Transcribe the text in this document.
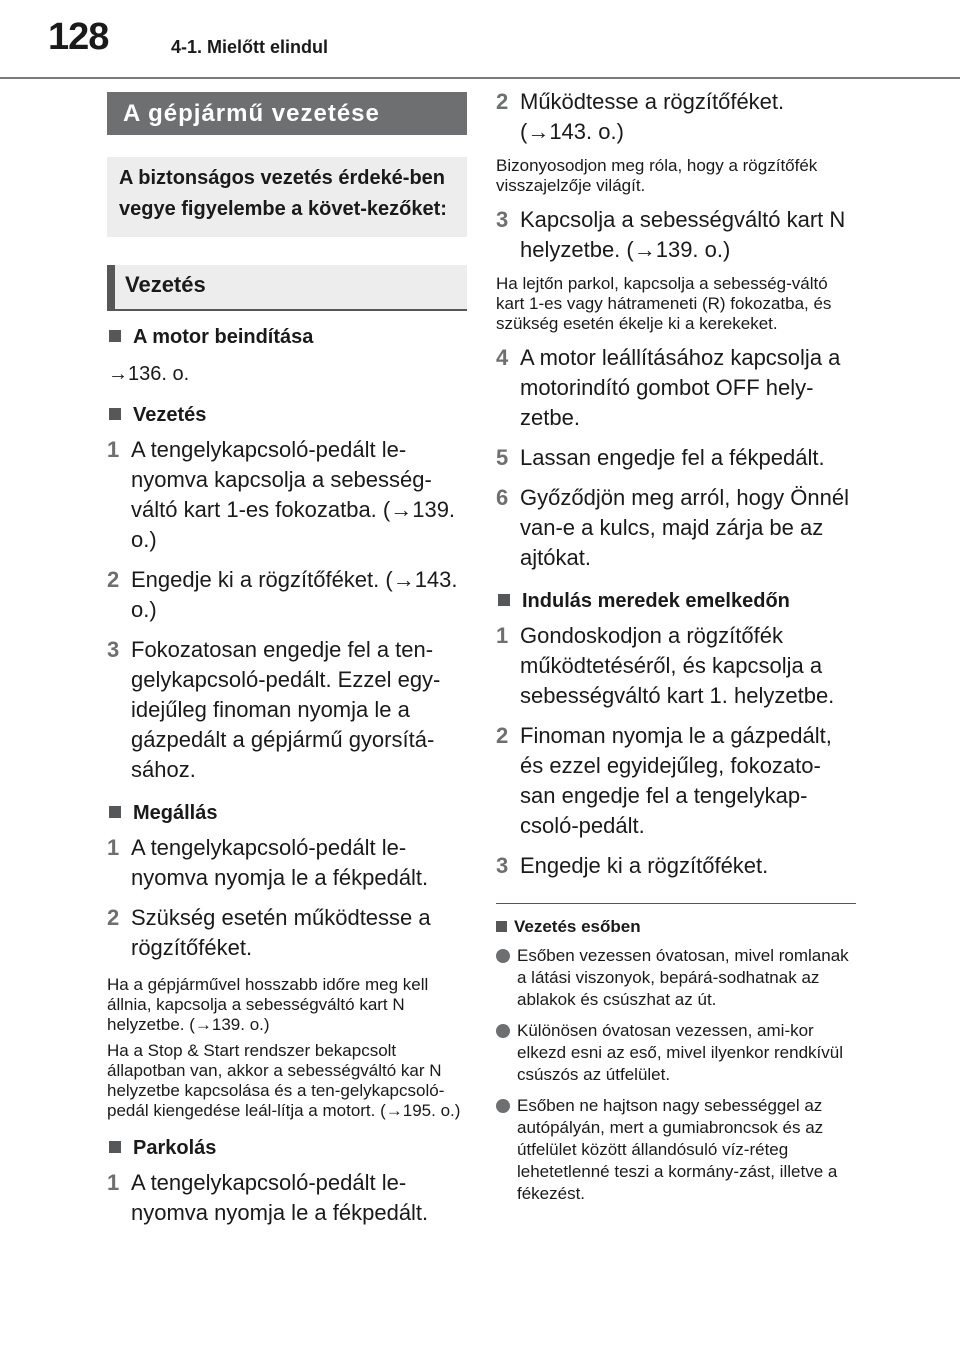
128	4-1. Mielőtt elindul
A gépjármű vezetése
A biztonságos vezetés érdeké-ben vegye figyelembe a követ-kezőket:
Vezetés
A motor beindítása
→136. o.
Vezetés
1 A tengelykapcsoló-pedált le-nyomva kapcsolja a sebesség-váltó kart 1-es fokozatba. (→139. o.)
2 Engedje ki a rögzítőféket. (→143. o.)
3 Fokozatosan engedje fel a ten-gelykapcsoló-pedált. Ezzel egy-idejűleg finoman nyomja le a gázpedált a gépjármű gyorsítá-sához.
Megállás
1 A tengelykapcsoló-pedált le-nyomva nyomja le a fékpedált.
2 Szükség esetén működtesse a rögzítőféket.
Ha a gépjárművel hosszabb időre meg kell állnia, kapcsolja a sebességváltó kart N helyzetbe. (→139. o.)
Ha a Stop & Start rendszer bekapcsolt állapotban van, akkor a sebességváltó kar N helyzetbe kapcsolása és a ten-gelykapcsoló-pedál kiengedése leál-lítja a motort. (→195. o.)
Parkolás
1 A tengelykapcsoló-pedált le-nyomva nyomja le a fékpedált.
2 Működtesse a rögzítőféket. (→143. o.)
Bizonyosodjon meg róla, hogy a rögzítőfék visszajelzője világít.
3 Kapcsolja a sebességváltó kart N helyzetbe. (→139. o.)
Ha lejtőn parkol, kapcsolja a sebesség-váltó kart 1-es vagy hátrameneti (R) fokozatba, és szükség esetén ékelje ki a kerekeket.
4 A motor leállításához kapcsolja a motorindító gombot OFF hely-zetbe.
5 Lassan engedje fel a fékpedált.
6 Győződjön meg arról, hogy Önnél van-e a kulcs, majd zárja be az ajtókat.
Indulás meredek emelkedőn
1 Gondoskodjon a rögzítőfék működtetéséről, és kapcsolja a sebességváltó kart 1. helyzetbe.
2 Finoman nyomja le a gázpedált, és ezzel egyidejűleg, fokozato-san engedje fel a tengelykap-csoló-pedált.
3 Engedje ki a rögzítőféket.
Vezetés esőben
Esőben vezessen óvatosan, mivel romlanak a látási viszonyok, bepárá-sodhatnak az ablakok és csúszhat az út.
Különösen óvatosan vezessen, ami-kor elkezd esni az eső, mivel ilyenkor rendkívül csúszós az útfelület.
Esőben ne hajtson nagy sebességgel az autópályán, mert a gumiabroncsok és az útfelület között állandósuló víz-réteg lehetetlenné teszi a kormány-zást, illetve a fékezést.
